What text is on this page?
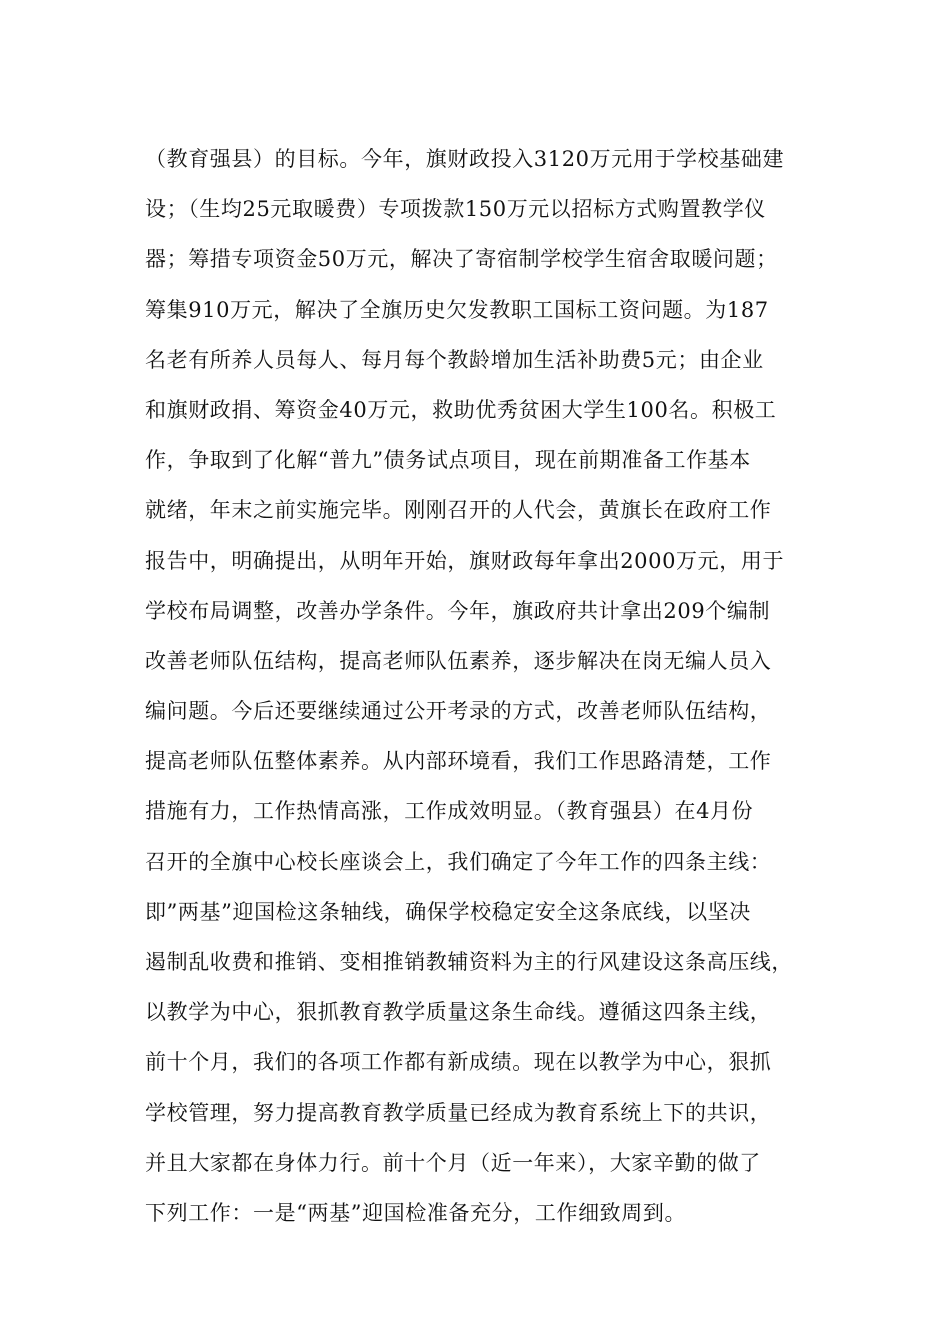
（教育强县）的目标。今年，旗财政投入3120万元用于学校基础建
设；（生均25元取暖费）专项拨款150万元以招标方式购置教学仪
器；筹措专项资金50万元，解决了寄宿制学校学生宿舍取暖问题；
筹集910万元，解决了全旗历史欠发教职工国标工资问题。为187
名老有所养人员每人、每月每个教龄增加生活补助费5元；由企业
和旗财政捐、筹资金40万元，救助优秀贫困大学生100名。积极工
作，争取到了化解“普九”债务试点项目，现在前期准备工作基本
就绪，年末之前实施完毕。刚刚召开的人代会，黄旗长在政府工作
报告中，明确提出，从明年开始，旗财政每年拿出2000万元，用于
学校布局调整，改善办学条件。今年，旗政府共计拿出209个编制
改善老师队伍结构，提高老师队伍素养，逐步解决在岗无编人员入
编问题。今后还要继续通过公开考录的方式，改善老师队伍结构，
提高老师队伍整体素养。从内部环境看，我们工作思路清楚，工作
措施有力，工作热情高涨，工作成效明显。（教育强县）在4月份
召开的全旗中心校长座谈会上，我们确定了今年工作的四条主线：
即”两基”迎国检这条轴线，确保学校稳定安全这条底线，以坚决
遏制乱收费和推销、变相推销教辅资料为主的行风建设这条高压线，
以教学为中心，狠抓教育教学质量这条生命线。遵循这四条主线，
前十个月，我们的各项工作都有新成绩。现在以教学为中心，狠抓
学校管理，努力提高教育教学质量已经成为教育系统上下的共识，
并且大家都在身体力行。前十个月（近一年来），大家辛勤的做了
下列工作：一是“两基”迎国检准备充分，工作细致周到。
